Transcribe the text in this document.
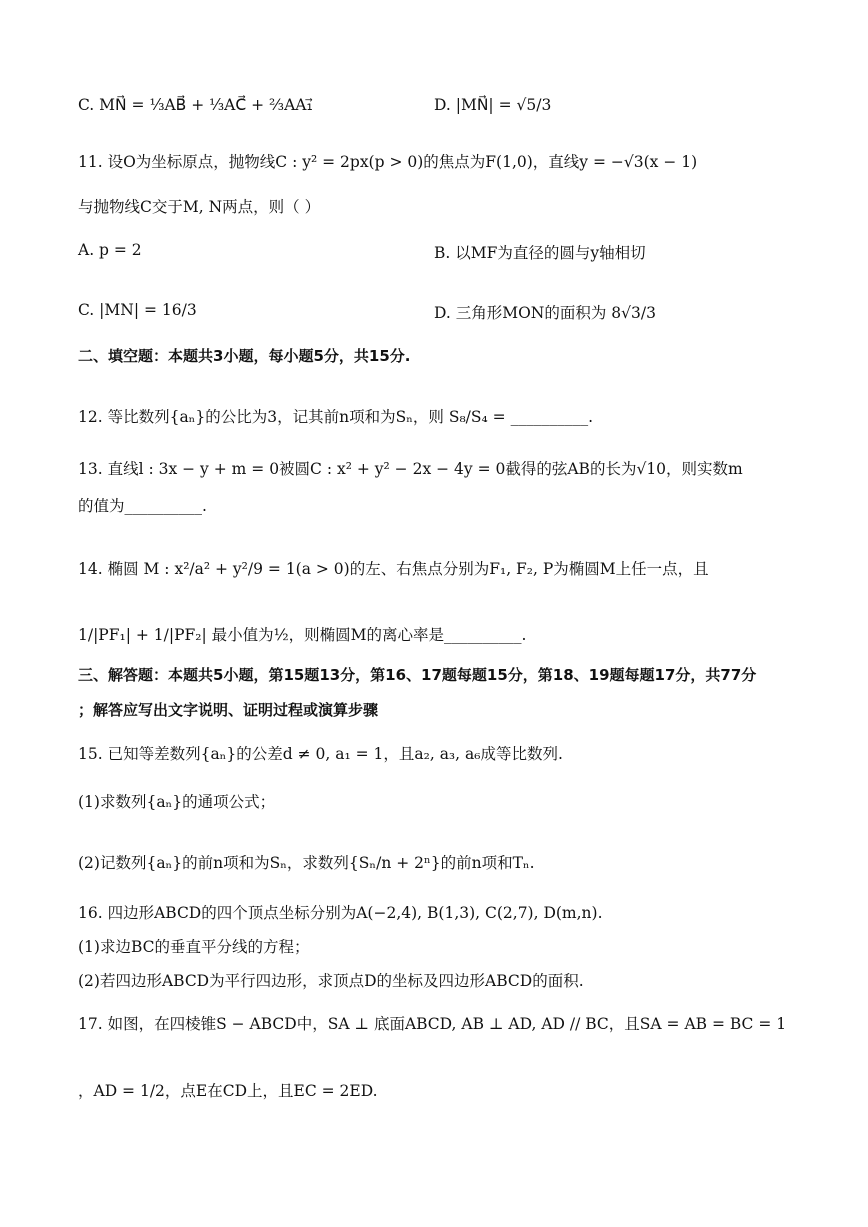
C. MN⃗ = ⅓AB⃗ + ⅓AC⃗ + ⅔AA₁⃗	D. |MN⃗| = √5/3
11. 设O为坐标原点，抛物线C : y² = 2px(p > 0)的焦点为F(1,0)，直线y = −√3(x − 1)
与抛物线C交于M, N两点，则（ ）
A. p = 2	B. 以MF为直径的圆与y轴相切
C. |MN| = 16/3	D. 三角形MON的面积为 8√3/3
二、填空题：本题共3小题，每小题5分，共15分.
12. 等比数列{aₙ}的公比为3，记其前n项和为Sₙ，则 S₈/S₄ = __________.
13. 直线l : 3x − y + m = 0被圆C : x² + y² − 2x − 4y = 0截得的弦AB的长为√10，则实数m
的值为__________.
14. 椭圆 M : x²/a² + y²/9 = 1(a > 0)的左、右焦点分别为F₁, F₂, P为椭圆M上任一点，且
1/|PF₁| + 1/|PF₂| 最小值为½，则椭圆M的离心率是__________.
三、解答题：本题共5小题，第15题13分，第16、17题每题15分，第18、19题每题17分，共77分
；解答应写出文字说明、证明过程或演算步骤
15. 已知等差数列{aₙ}的公差d ≠ 0, a₁ = 1，且a₂, a₃, a₆成等比数列.
(1)求数列{aₙ}的通项公式；
(2)记数列{aₙ}的前n项和为Sₙ，求数列{Sₙ/n + 2ⁿ}的前n项和Tₙ.
16. 四边形ABCD的四个顶点坐标分别为A(−2,4), B(1,3), C(2,7), D(m,n).
(1)求边BC的垂直平分线的方程；
(2)若四边形ABCD为平行四边形，求顶点D的坐标及四边形ABCD的面积.
17. 如图，在四棱锥S − ABCD中，SA ⊥ 底面ABCD, AB ⊥ AD, AD // BC，且SA = AB = BC = 1
，AD = 1/2，点E在CD上，且EC = 2ED.
